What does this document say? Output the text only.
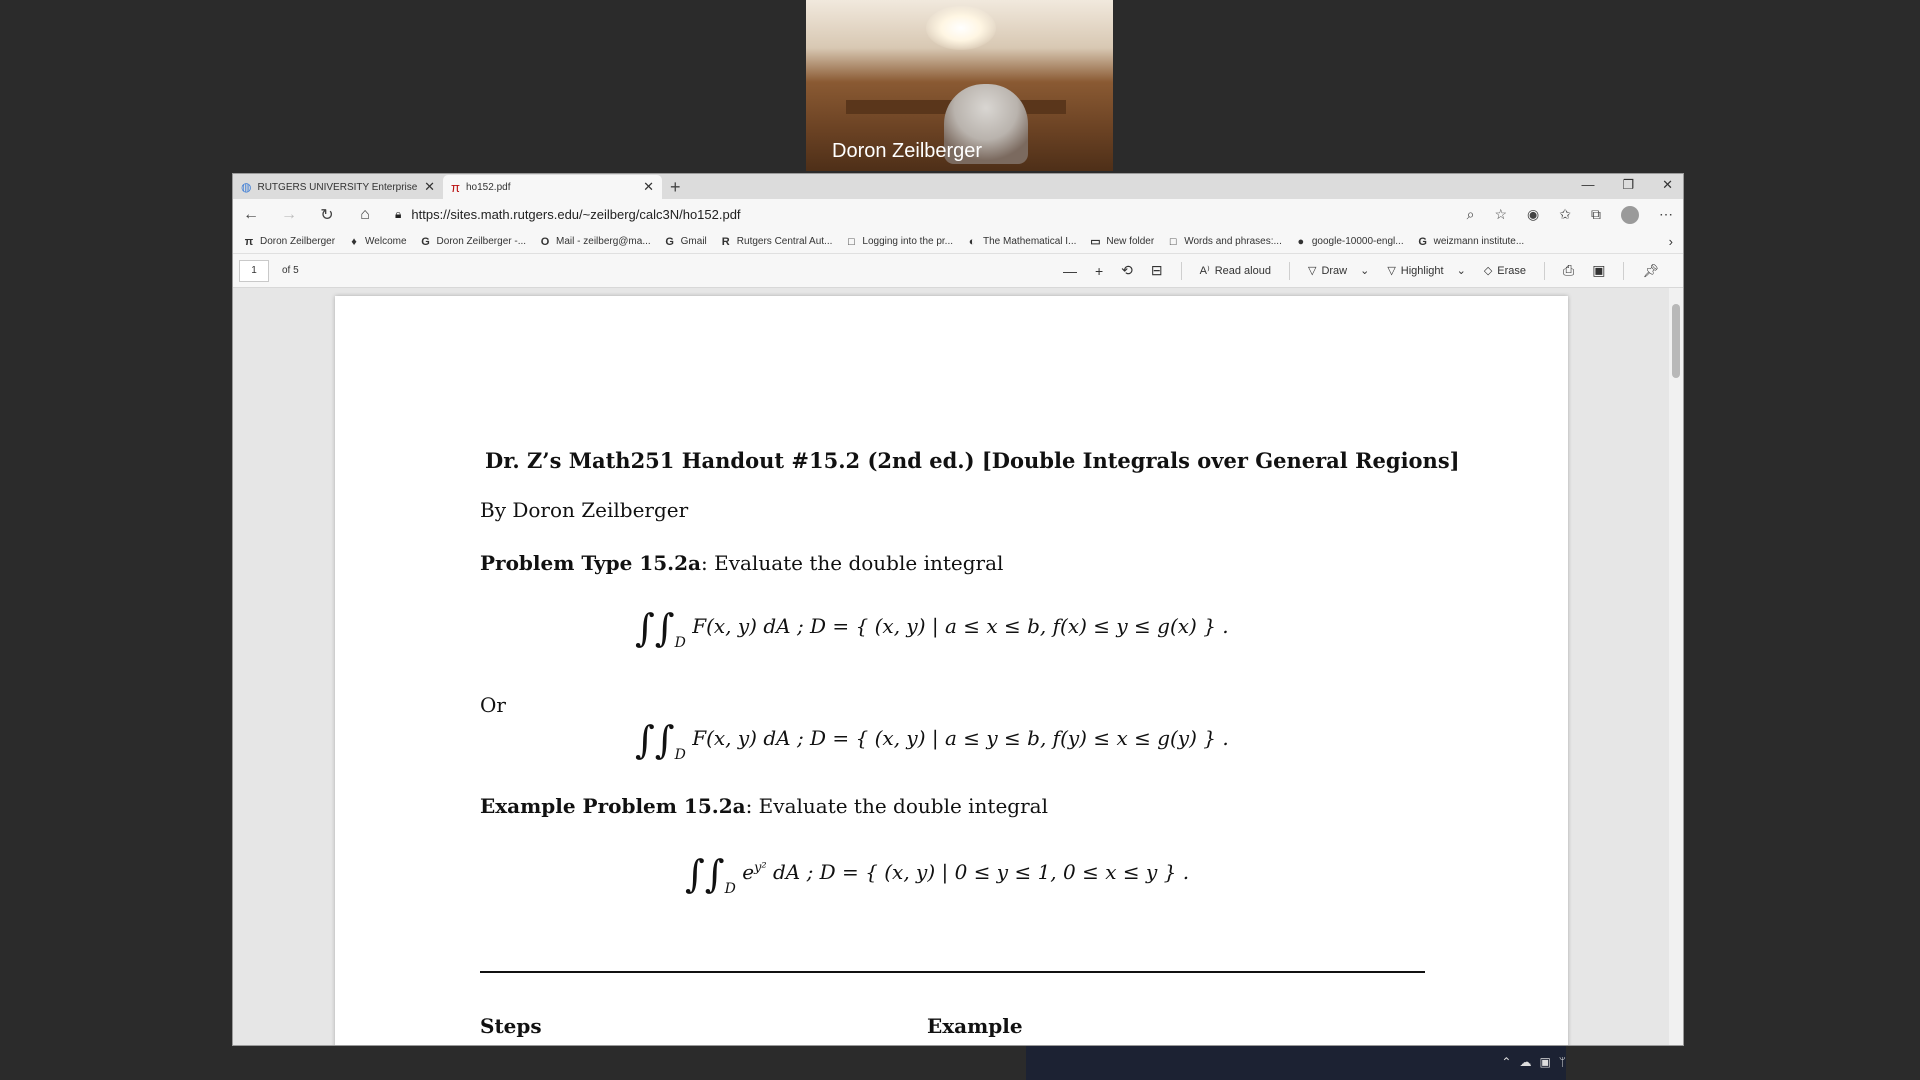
Doron Zeilberger
◍ RUTGERS UNIVERSITY Enterprise ✕ π ho152.pdf	✕ +	— ❐ ✕
← → ↻ ⌂ 🔒︎ https://sites.math.rutgers.edu/~zeilberg/calc3N/ho152.pdf	⌕ ☆ ◉ ✩ ⧉	⋯
π Doron Zeilberger ♦ Welcome G Doron Zeilberger -... O Mail - zeilberg@ma... G Gmail R Rutgers Central Aut... □ Logging into the pr... ◐ The Mathematical I... ▭ New folder □ Words and phrases:... ● google-10000-engl... G weizmann institute...	›
1	of 5	— + ⟲ ⊟	A⁾ Read aloud	▽ Draw ⌄ ▽ Highlight ⌄ ◇ Erase	⎙ ▣	📌︎
Dr. Z’s Math251 Handout #15.2 (2nd ed.) [Double Integrals over General Regions]
By Doron Zeilberger
Problem Type 15.2a: Evaluate the double integral
$\int\int_D$ F(x, y) dA ; D = { (x, y) | a ≤ x ≤ b, f(x) ≤ y ≤ g(x) } .
Or
$\int\int_D$ F(x, y) dA ; D = { (x, y) | a ≤ y ≤ b, f(y) ≤ x ≤ g(y) } .
Example Problem 15.2a: Evaluate the double integral
$\int\int_D$ $e^{y^2}$ dA ; D = { (x, y) | 0 ≤ y ≤ 1, 0 ≤ x ≤ y } .
Steps	Example
⌃ ☁ ▣ ᛘ
